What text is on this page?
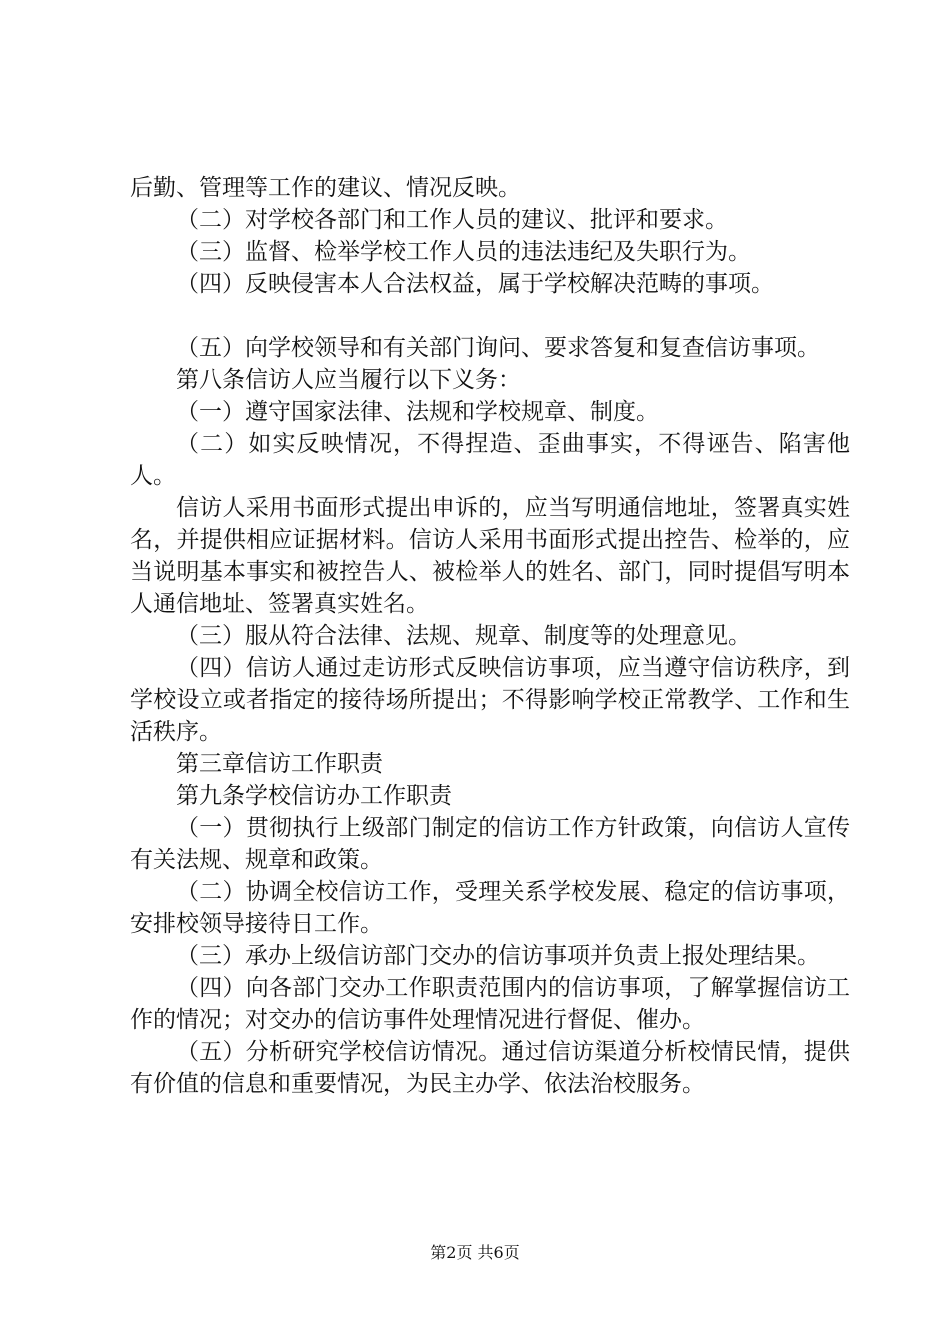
后勤、管理等工作的建议、情况反映。

（二）对学校各部门和工作人员的建议、批评和要求。

（三）监督、检举学校工作人员的违法违纪及失职行为。

（四）反映侵害本人合法权益，属于学校解决范畴的事项。

（五）向学校领导和有关部门询问、要求答复和复查信访事项。

第八条信访人应当履行以下义务：

（一）遵守国家法律、法规和学校规章、制度。

（二）如实反映情况，不得捏造、歪曲事实，不得诬告、陷害他人。

信访人采用书面形式提出申诉的，应当写明通信地址，签署真实姓名，并提供相应证据材料。信访人采用书面形式提出控告、检举的，应当说明基本事实和被控告人、被检举人的姓名、部门，同时提倡写明本人通信地址、签署真实姓名。

（三）服从符合法律、法规、规章、制度等的处理意见。

（四）信访人通过走访形式反映信访事项，应当遵守信访秩序，到学校设立或者指定的接待场所提出；不得影响学校正常教学、工作和生活秩序。

第三章信访工作职责

第九条学校信访办工作职责

（一）贯彻执行上级部门制定的信访工作方针政策，向信访人宣传有关法规、规章和政策。

（二）协调全校信访工作，受理关系学校发展、稳定的信访事项，安排校领导接待日工作。

（三）承办上级信访部门交办的信访事项并负责上报处理结果。

（四）向各部门交办工作职责范围内的信访事项，了解掌握信访工作的情况；对交办的信访事件处理情况进行督促、催办。

（五）分析研究学校信访情况。通过信访渠道分析校情民情，提供有价值的信息和重要情况，为民主办学、依法治校服务。

第2页 共6页
